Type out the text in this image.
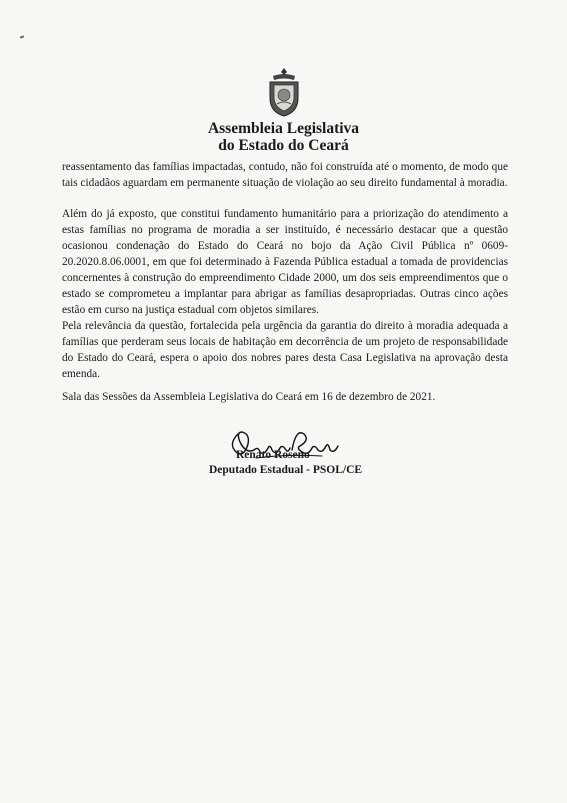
Assembleia Legislativa
do Estado do Ceará

reassentamento das famílias impactadas, contudo, não foi construída até o momento, de modo que tais cidadãos aguardam em permanente situação de violação ao seu direito fundamental à moradia.

Além do já exposto, que constitui fundamento humanitário para a priorização do atendimento a estas famílias no programa de moradia a ser instituído, é necessário destacar que a questão ocasionou condenação do Estado do Ceará no bojo da Ação Civil Pública nº 0609-20.2020.8.06.0001, em que foi determinado à Fazenda Pública estadual a tomada de providencias concernentes à construção do empreendimento Cidade 2000, um dos seis empreendimentos que o estado se comprometeu a implantar para abrigar as famílias desapropriadas. Outras cinco ações estão em curso na justiça estadual com objetos similares.

Pela relevância da questão, fortalecida pela urgência da garantia do direito à moradia adequada a famílias que perderam seus locais de habitação em decorrência de um projeto de responsabilidade do Estado do Ceará, espera o apoio dos nobres pares desta Casa Legislativa na aprovação desta emenda.

Sala das Sessões da Assembleia Legislativa do Ceará em 16 de dezembro de 2021.

Renato Roseno
Deputado Estadual - PSOL/CE
